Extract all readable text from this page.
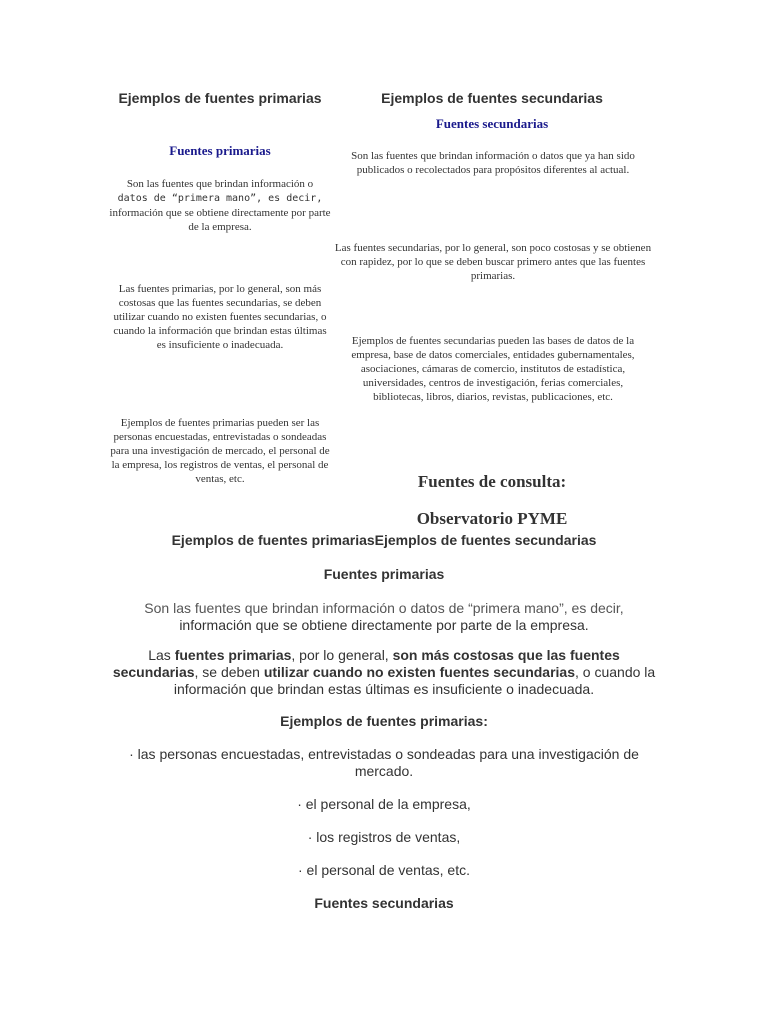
Ejemplos de fuentes primarias
Fuentes primarias

Son las fuentes que brindan información o
datos de “primera mano”, es decir, información que se obtiene directamente por parte de la empresa.

Las fuentes primarias, por lo general, son más costosas que las fuentes secundarias, se deben utilizar cuando no existen fuentes secundarias, o cuando la información que brindan estas últimas es insuficiente o inadecuada.

Ejemplos de fuentes primarias pueden ser las personas encuestadas, entrevistadas o sondeadas para una investigación de mercado, el personal de la empresa, los registros de ventas, el personal de ventas, etc.

Ejemplos de fuentes secundarias
Fuentes secundarias

Son las fuentes que brindan información o datos que ya han sido publicados o recolectados para propósitos diferentes al actual.

Las fuentes secundarias, por lo general, son poco costosas y se obtienen con rapidez, por lo que se deben buscar primero antes que las fuentes primarias.

Ejemplos de fuentes secundarias pueden las bases de datos de la empresa, base de datos comerciales, entidades gubernamentales, asociaciones, cámaras de comercio, institutos de estadística, universidades, centros de investigación, ferias comerciales, bibliotecas, libros, diarios, revistas, publicaciones, etc.

Fuentes de consulta:
Observatorio PYME
Ejemplos de fuentes primariasEjemplos de fuentes secundarias
Fuentes primarias

Son las fuentes que brindan información o datos de “primera mano”, es decir,
información que se obtiene directamente por parte de la empresa.

Las fuentes primarias, por lo general, son más costosas que las fuentes secundarias, se deben utilizar cuando no existen fuentes secundarias, o cuando la información que brindan estas últimas es insuficiente o inadecuada.

Ejemplos de fuentes primarias:

· las personas encuestadas, entrevistadas o sondeadas para una investigación de mercado.

· el personal de la empresa,

· los registros de ventas,

· el personal de ventas, etc.

Fuentes secundarias
